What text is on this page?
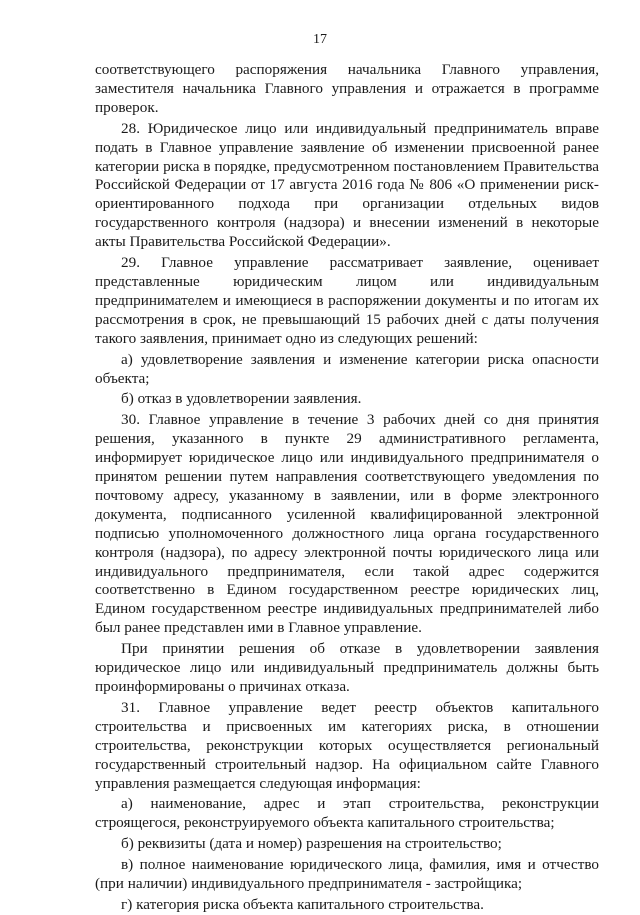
17

соответствующего распоряжения начальника Главного управления, заместителя начальника Главного управления и отражается в программе проверок.

28. Юридическое лицо или индивидуальный предприниматель вправе подать в Главное управление заявление об изменении присвоенной ранее категории риска в порядке, предусмотренном постановлением Правительства Российской Федерации от 17 августа 2016 года № 806 «О применении риск-ориентированного подхода при организации отдельных видов государственного контроля (надзора) и внесении изменений в некоторые акты Правительства Российской Федерации».

29. Главное управление рассматривает заявление, оценивает представленные юридическим лицом или индивидуальным предпринимателем и имеющиеся в распоряжении документы и по итогам их рассмотрения в срок, не превышающий 15 рабочих дней с даты получения такого заявления, принимает одно из следующих решений:

а) удовлетворение заявления и изменение категории риска опасности объекта;

б) отказ в удовлетворении заявления.

30. Главное управление в течение 3 рабочих дней со дня принятия решения, указанного в пункте 29 административного регламента, информирует юридическое лицо или индивидуального предпринимателя о принятом решении путем направления соответствующего уведомления по почтовому адресу, указанному в заявлении, или в форме электронного документа, подписанного усиленной квалифицированной электронной подписью уполномоченного должностного лица органа государственного контроля (надзора), по адресу электронной почты юридического лица или индивидуального предпринимателя, если такой адрес содержится соответственно в Едином государственном реестре юридических лиц, Едином государственном реестре индивидуальных предпринимателей либо был ранее представлен ими в Главное управление.

При принятии решения об отказе в удовлетворении заявления юридическое лицо или индивидуальный предприниматель должны быть проинформированы о причинах отказа.

31. Главное управление ведет реестр объектов капитального строительства и присвоенных им категориях риска, в отношении строительства, реконструкции которых осуществляется региональный государственный строительный надзор. На официальном сайте Главного управления размещается следующая информация:

а) наименование, адрес и этап строительства, реконструкции строящегося, реконструируемого объекта капитального строительства;

б) реквизиты (дата и номер) разрешения на строительство;

в) полное наименование юридического лица, фамилия, имя и отчество (при наличии) индивидуального предпринимателя - застройщика;

г) категория риска объекта капитального строительства.
